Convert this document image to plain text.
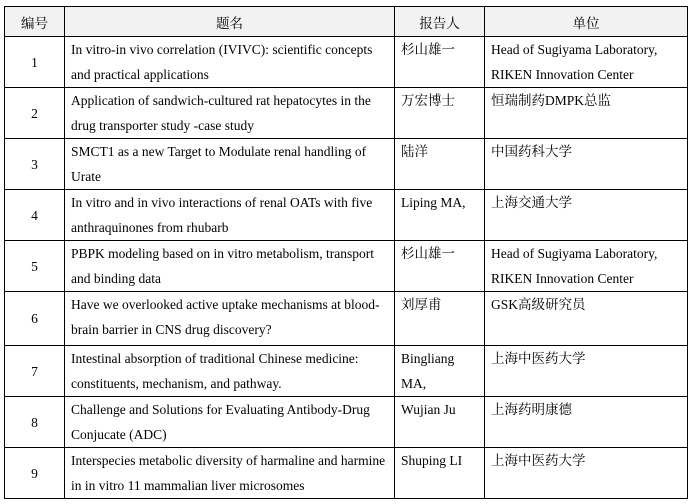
编号	题名	报告人	单位
1	In vitro-in vivo correlation (IVIVC): scientific concepts and practical applications	杉山雄一	Head of Sugiyama Laboratory, RIKEN Innovation Center
2	Application of sandwich-cultured rat hepatocytes in the drug transporter study -case study	万宏博士	恒瑞制药DMPK总监
3	SMCT1 as a new Target to Modulate renal handling of Urate	陆洋	中国药科大学
4	In vitro and in vivo interactions of renal OATs with five anthraquinones from rhubarb	Liping MA,	上海交通大学
5	PBPK modeling based on in vitro metabolism, transport and binding data	杉山雄一	Head of Sugiyama Laboratory, RIKEN Innovation Center
6	Have we overlooked active uptake mechanisms at blood-brain barrier in CNS drug discovery?	刘厚甫	GSK高级研究员
7	Intestinal absorption of traditional Chinese medicine: constituents, mechanism, and pathway.	Bingliang MA,	上海中医药大学
8	Challenge and Solutions for Evaluating Antibody-Drug Conjucate (ADC)	Wujian Ju	上海药明康德
9	Interspecies metabolic diversity of harmaline and harmine in in vitro 11 mammalian liver microsomes	Shuping LI	上海中医药大学
